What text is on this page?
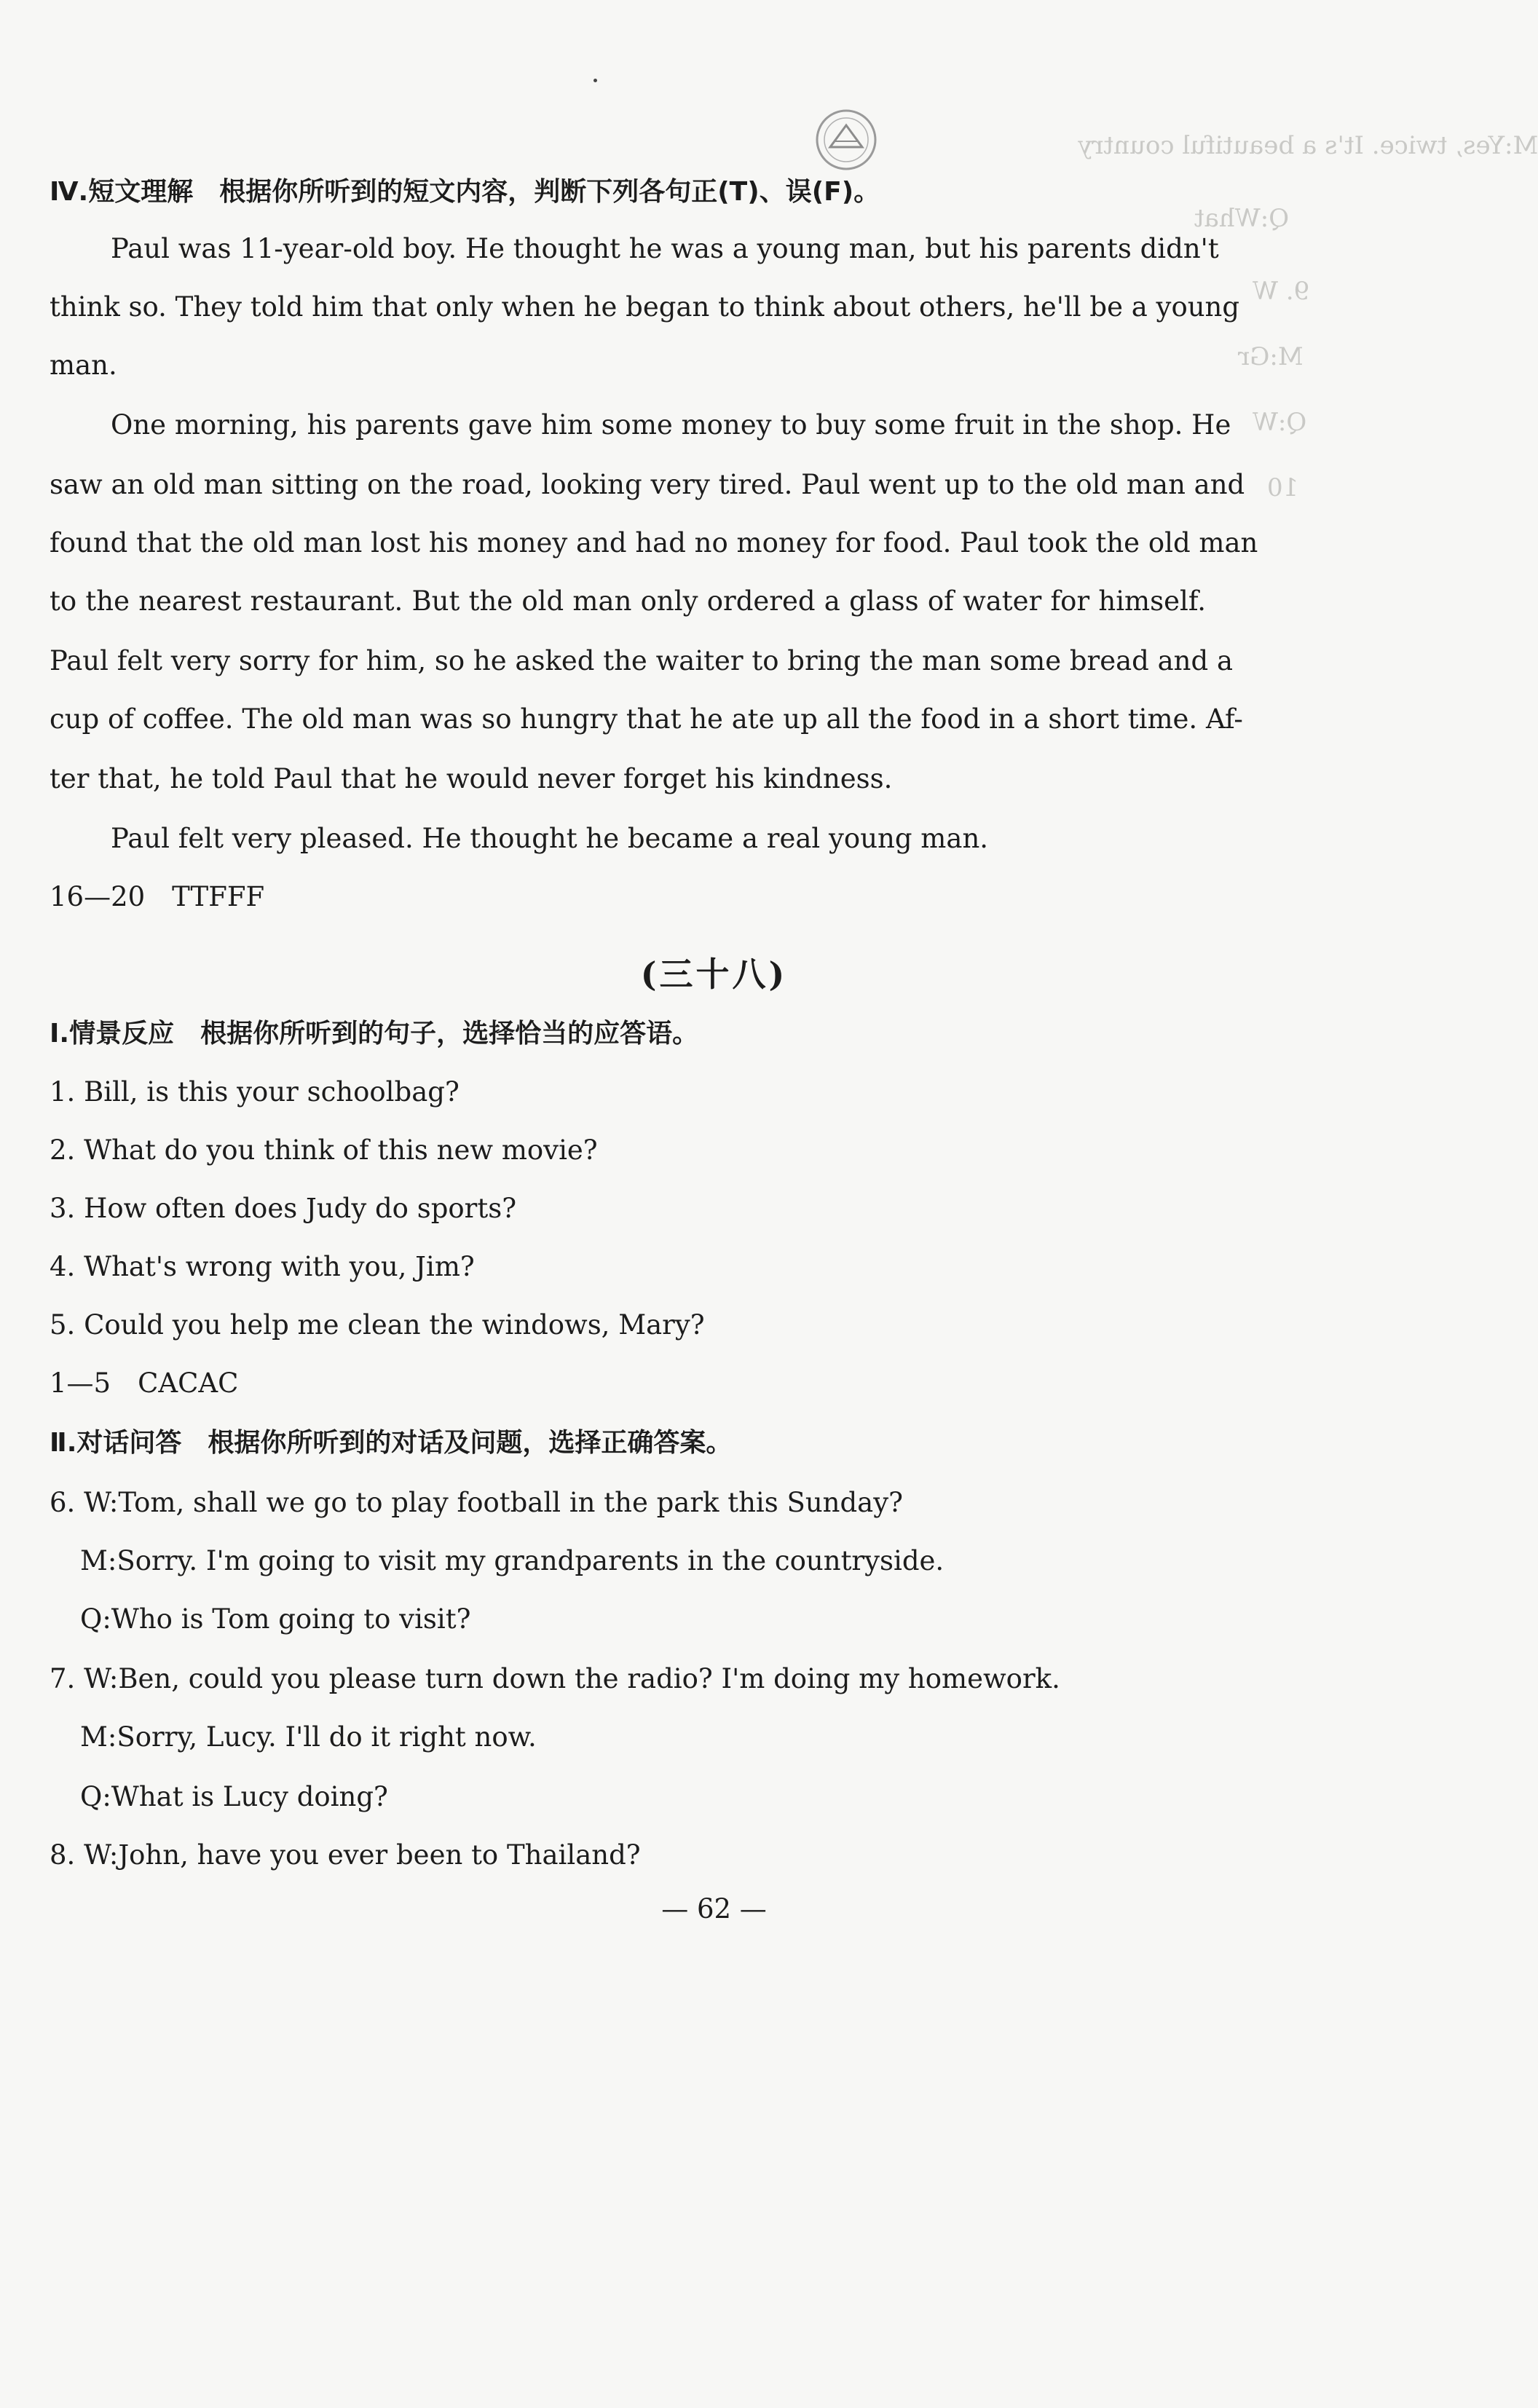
M:Yes, twice. It's a beautiful country
Q:What
9. W
M:Gr
Q:W
10
Ⅳ.短文理解　根据你所听到的短文内容，判断下列各句正(T)、误(F)。
Paul was 11-year-old boy. He thought he was a young man, but his parents didn't
think so. They told him that only when he began to think about others, he'll be a young
man.
One morning, his parents gave him some money to buy some fruit in the shop. He
saw an old man sitting on the road, looking very tired. Paul went up to the old man and
found that the old man lost his money and had no money for food. Paul took the old man
to the nearest restaurant. But the old man only ordered a glass of water for himself.
Paul felt very sorry for him, so he asked the waiter to bring the man some bread and a
cup of coffee. The old man was so hungry that he ate up all the food in a short time. Af-
ter that, he told Paul that he would never forget his kindness.
Paul felt very pleased. He thought he became a real young man.
16—20　TTFFF
(三十八)
Ⅰ.情景反应　根据你所听到的句子，选择恰当的应答语。
1. Bill, is this your schoolbag?
2. What do you think of this new movie?
3. How often does Judy do sports?
4. What's wrong with you, Jim?
5. Could you help me clean the windows, Mary?
1—5　CACAC
Ⅱ.对话问答　根据你所听到的对话及问题，选择正确答案。
6. W:Tom, shall we go to play football in the park this Sunday?
M:Sorry. I'm going to visit my grandparents in the countryside.
Q:Who is Tom going to visit?
7. W:Ben, could you please turn down the radio? I'm doing my homework.
M:Sorry, Lucy. I'll do it right now.
Q:What is Lucy doing?
8. W:John, have you ever been to Thailand?
— 62 —
